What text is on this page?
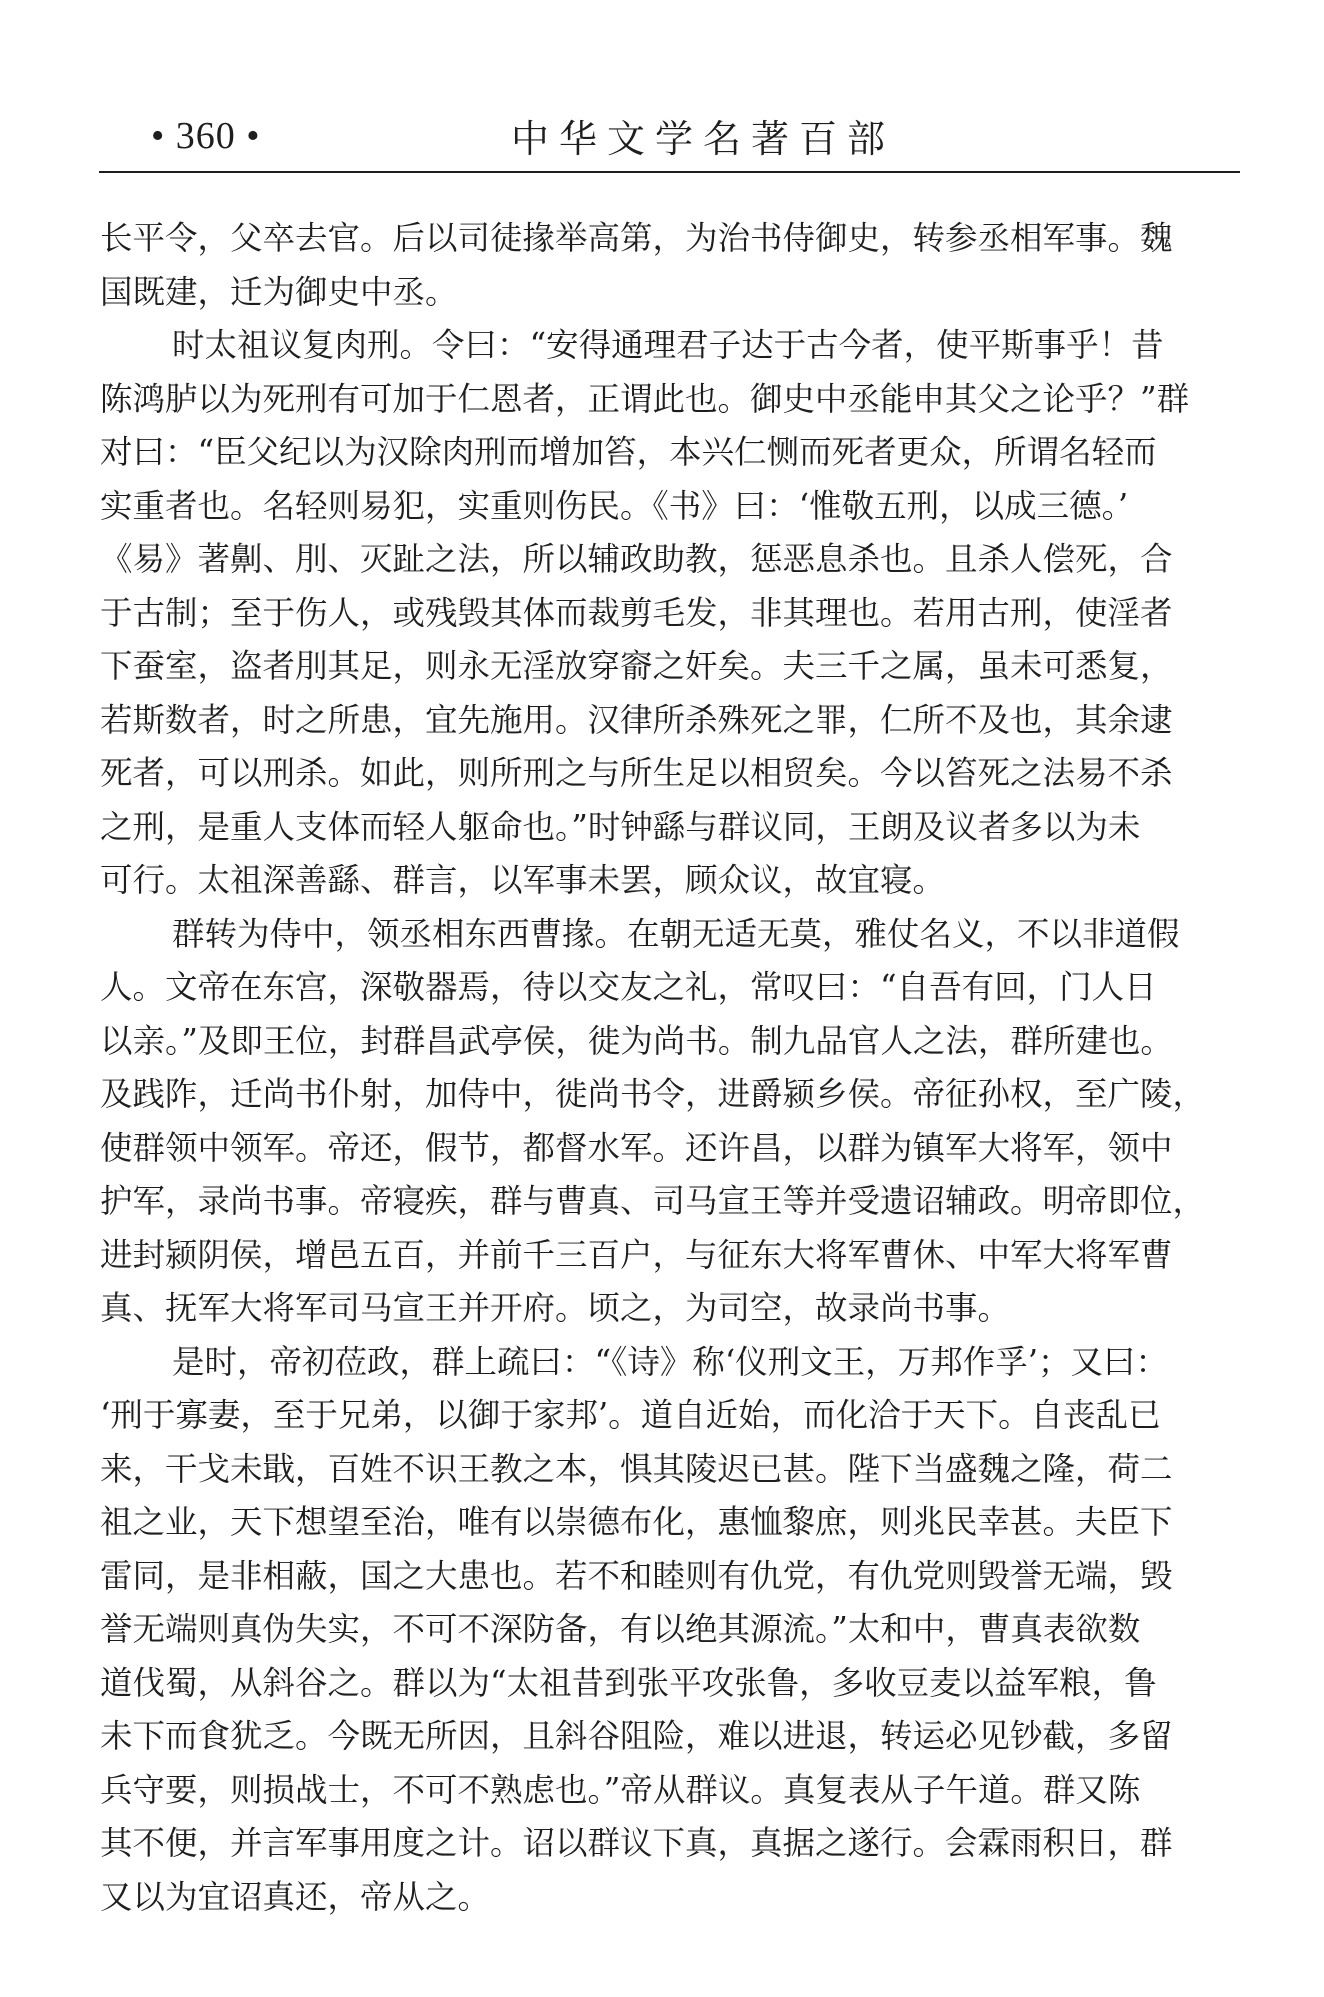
• 360 •	中华文学名著百部
长平令，父卒去官。后以司徒掾举高第，为治书侍御史，转参丞相军事。魏
国既建，迁为御史中丞。
时太祖议复肉刑。令曰：“安得通理君子达于古今者，使平斯事乎！昔
陈鸿胪以为死刑有可加于仁恩者，正谓此也。御史中丞能申其父之论乎？”群
对曰：“臣父纪以为汉除肉刑而增加笞，本兴仁恻而死者更众，所谓名轻而
实重者也。名轻则易犯，实重则伤民。《书》曰：‘惟敬五刑，以成三德。’
《易》著劓、刖、灭趾之法，所以辅政助教，惩恶息杀也。且杀人偿死，合
于古制；至于伤人，或残毁其体而裁剪毛发，非其理也。若用古刑，使淫者
下蚕室，盗者刖其足，则永无淫放穿窬之奸矣。夫三千之属，虽未可悉复，
若斯数者，时之所患，宜先施用。汉律所杀殊死之罪，仁所不及也，其余逮
死者，可以刑杀。如此，则所刑之与所生足以相贸矣。今以笞死之法易不杀
之刑，是重人支体而轻人躯命也。”时钟繇与群议同，王朗及议者多以为未
可行。太祖深善繇、群言，以军事未罢，顾众议，故宜寝。
群转为侍中，领丞相东西曹掾。在朝无适无莫，雅仗名义，不以非道假
人。文帝在东宫，深敬器焉，待以交友之礼，常叹曰：“自吾有回，门人日
以亲。”及即王位，封群昌武亭侯，徙为尚书。制九品官人之法，群所建也。
及践阼，迁尚书仆射，加侍中，徙尚书令，进爵颍乡侯。帝征孙权，至广陵，
使群领中领军。帝还，假节，都督水军。还许昌，以群为镇军大将军，领中
护军，录尚书事。帝寝疾，群与曹真、司马宣王等并受遗诏辅政。明帝即位，
进封颍阴侯，增邑五百，并前千三百户，与征东大将军曹休、中军大将军曹
真、抚军大将军司马宣王并开府。顷之，为司空，故录尚书事。
是时，帝初莅政，群上疏曰：“《诗》称‘仪刑文王，万邦作孚’；又曰：
‘刑于寡妻，至于兄弟，以御于家邦’。道自近始，而化洽于天下。自丧乱已
来，干戈未戢，百姓不识王教之本，惧其陵迟已甚。陛下当盛魏之隆，荷二
祖之业，天下想望至治，唯有以崇德布化，惠恤黎庶，则兆民幸甚。夫臣下
雷同，是非相蔽，国之大患也。若不和睦则有仇党，有仇党则毁誉无端，毁
誉无端则真伪失实，不可不深防备，有以绝其源流。”太和中，曹真表欲数
道伐蜀，从斜谷之。群以为“太祖昔到张平攻张鲁，多收豆麦以益军粮，鲁
未下而食犹乏。今既无所因，且斜谷阻险，难以进退，转运必见钞截，多留
兵守要，则损战士，不可不熟虑也。”帝从群议。真复表从子午道。群又陈
其不便，并言军事用度之计。诏以群议下真，真据之遂行。会霖雨积日，群
又以为宜诏真还，帝从之。
